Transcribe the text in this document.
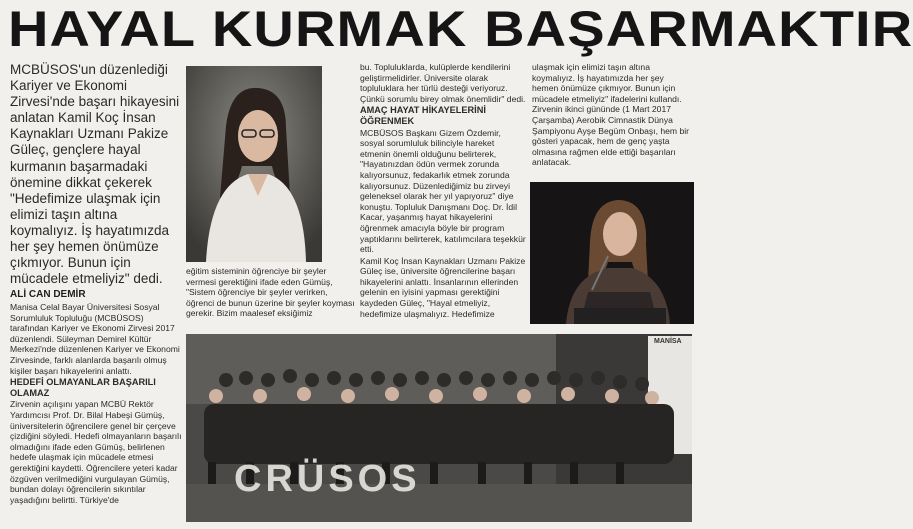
HAYAL KURMAK BAŞARMAKTIR
MCBÜSOS'un düzenlediği Kariyer ve Ekonomi Zirvesi'nde başarı hikayesini anlatan Kamil Koç İnsan Kaynakları Uzmanı Pakize Güleç, gençlere hayal kurmanın başarmadaki önemine dikkat çekerek "Hedefimize ulaşmak için elimizi taşın altına koymalıyız. İş hayatımızda her şey hemen önümüze çıkmıyor. Bunun için mücadele etmeliyiz" dedi.
ALİ CAN DEMİR

Manisa Celal Bayar Üniversitesi Sosyal Sorumluluk Topluluğu (MCBÜSOS) tarafından Kariyer ve Ekonomi Zirvesi 2017 düzenlendi. Süleyman Demirel Kültür Merkezi'nde düzenlenen Kariyer ve Ekonomi Zirvesinde, farklı alanlarda başarılı olmuş kişiler başarı hikayelerini anlattı.

HEDEFİ OLMAYANLAR BAŞARILI OLAMAZ

Zirvenin açılışını yapan MCBÜ Rektör Yardımcısı Prof. Dr. Bilal Habeşi Gümüş, üniversitelerin öğrencilere genel bir çerçeve çizdiğini söyledi. Hedefi olmayanların başarılı olmadığını ifade eden Gümüş, belirlenen hedefe ulaşmak için mücadele etmesi gerektiğini kaydetti. Öğrencilere yeteri kadar özgüven verilmediğini vurgulayan Gümüş, bundan dolayı öğrencilerin sıkıntılar yaşadığını belirtti. Türkiye'de

eğitim sisteminin öğrenciye bir şeyler vermesi gerektiğini ifade eden Gümüş, "Sistem öğrenciye bir şeyler verirken, öğrenci de bunun üzerine bir şeyler koyması gerekir. Bizim maalesef eksiğimiz

bu. Topluluklarda, kulüplerde kendilerini geliştirmelidirler. Üniversite olarak topluluklara her türlü desteği veriyoruz. Çünkü sorumlu birey olmak önemlidir" dedi.

AMAÇ HAYAT HİKAYELERİNİ ÖĞRENMEK

MCBÜSOS Başkanı Gizem Özdemir, sosyal sorumluluk bilinciyle hareket etmenin önemli olduğunu belirterek, "Hayatınızdan ödün vermek zorunda kalıyorsunuz, fedakarlık etmek zorunda kalıyorsunuz. Düzenlediğimiz bu zirveyi geleneksel olarak her yıl yapıyoruz" diye konuştu. Topluluk Danışmanı Doç. Dr. İdil Kacar, yaşanmış hayat hikayelerini öğrenmek amacıyla böyle bir program yaptıklarını belirterek, katılımcılara teşekkür etti.

Kamil Koç İnsan Kaynakları Uzmanı Pakize Güleç ise, üniversite öğrencilerine başarı hikayelerini anlattı. İnsanlarının ellerinden gelenin en iyisini yapması gerektiğini kaydeden Güleç, "Hayal etmeliyiz, hedefimize ulaşmalıyız. Hedefimize

ulaşmak için elimizi taşın altına koymalıyız. İş hayatımızda her şey hemen önümüze çıkmıyor. Bunun için mücadele etmeliyiz" ifadelerini kullandı.

Zirvenin ikinci gününde (1 Mart 2017 Çarşamba) Aerobik Cimnastik Dünya Şampiyonu Ayşe Begüm Onbaşı, hem bir gösteri yapacak, hem de genç yaşta olmasına rağmen elde ettiği başarıları anlatacak.

CRÜSOS
MANİSA
